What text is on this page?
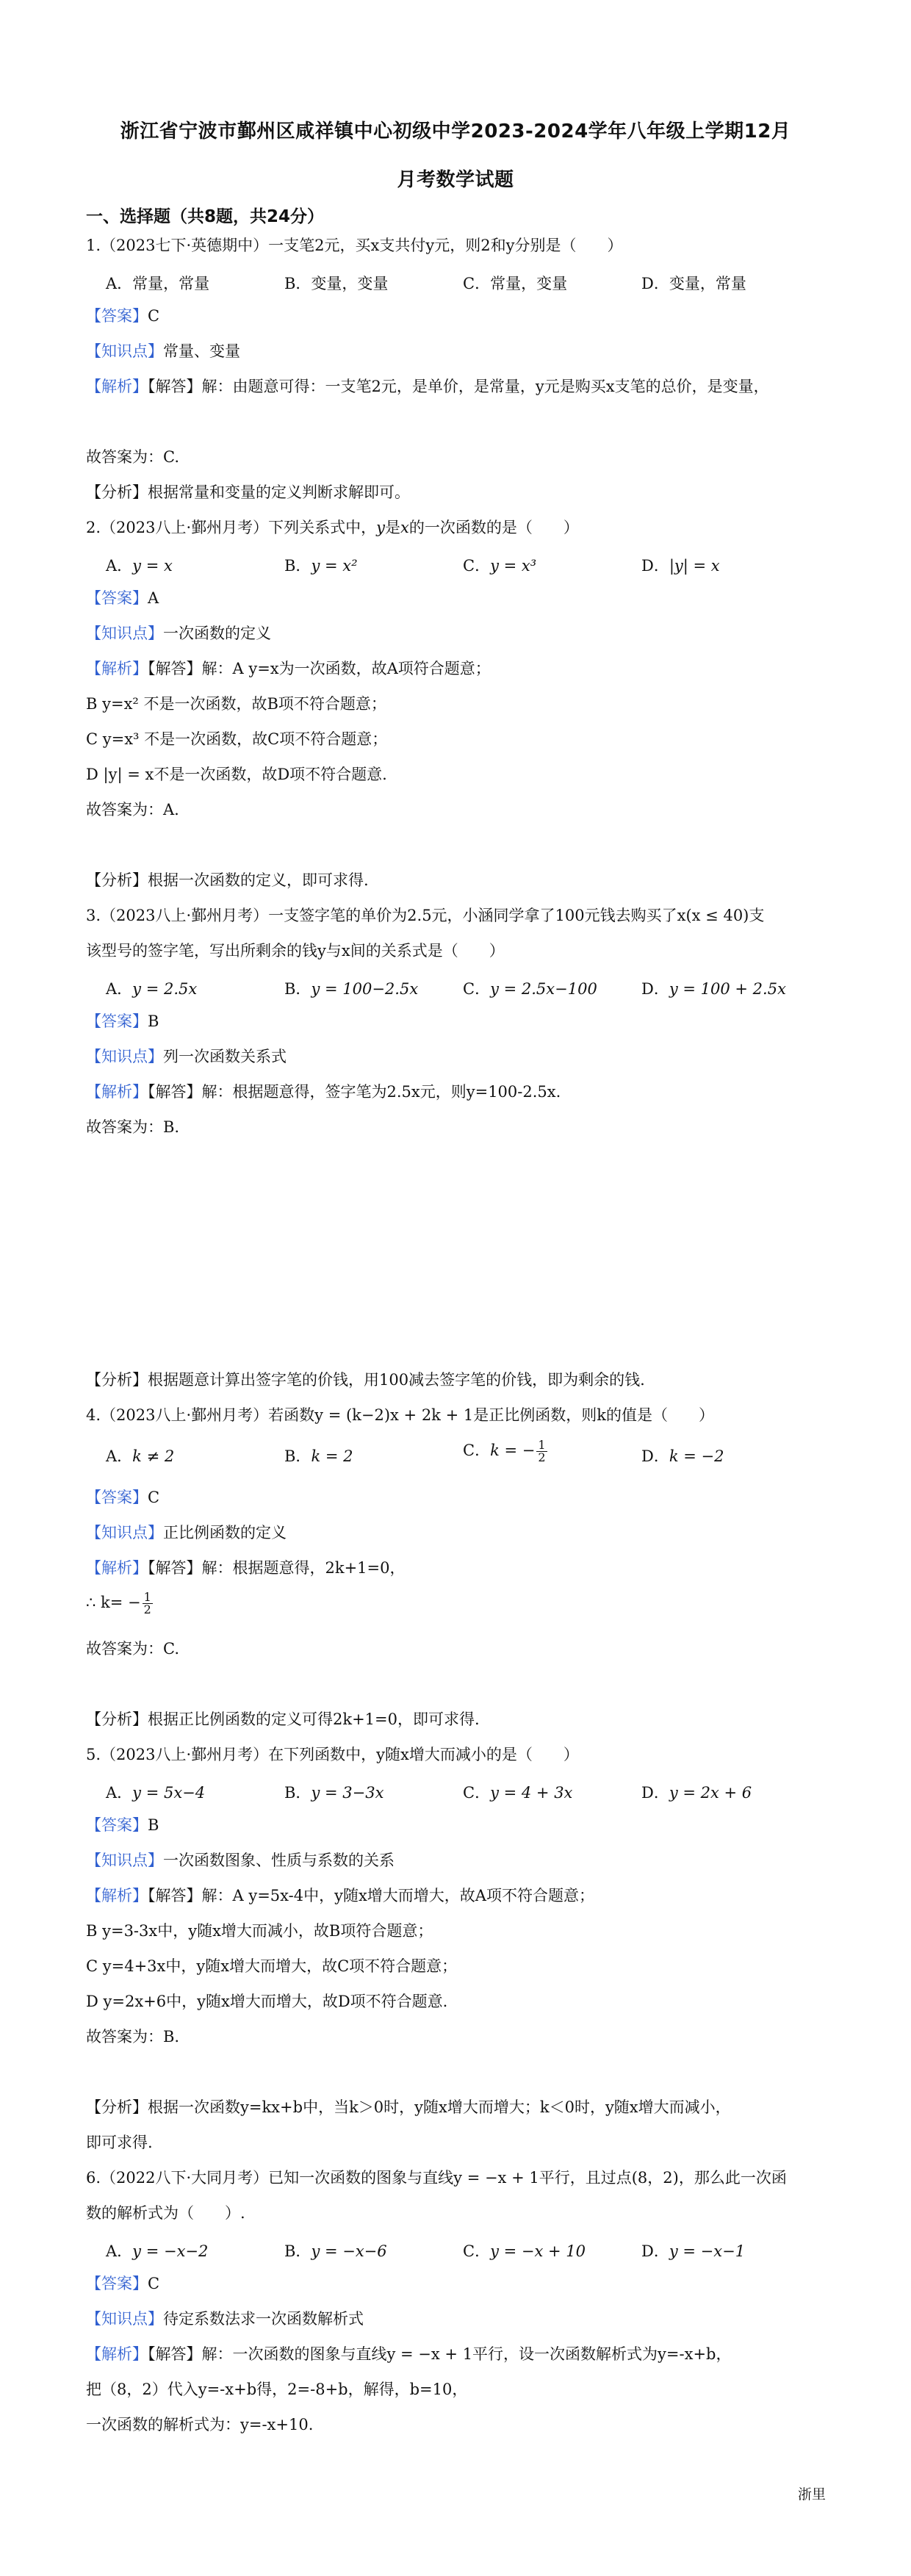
浙江省宁波市鄞州区咸祥镇中心初级中学2023-2024学年八年级上学期12月
月考数学试题
一、选择题（共8题，共24分）
1.（2023七下·英德期中）一支笔2元，买x支共付y元，则2和y分别是（　　）
A．常量，常量	B．变量，变量	C．常量，变量	D．变量，常量
【答案】C
【知识点】常量、变量
【解析】【解答】解：由题意可得：一支笔2元，是单价，是常量，y元是购买x支笔的总价，是变量，
故答案为：C.
【分析】根据常量和变量的定义判断求解即可。
2.（2023八上·鄞州月考）下列关系式中，y是x的一次函数的是（　　）
A．y = x	B．y = x²	C．y = x³	D．|y| = x
【答案】A
【知识点】一次函数的定义
【解析】【解答】解：A y=x为一次函数，故A项符合题意；
B y=x² 不是一次函数，故B项不符合题意；
C y=x³ 不是一次函数，故C项不符合题意；
D |y| = x不是一次函数，故D项不符合题意.
故答案为：A.
【分析】根据一次函数的定义，即可求得.
3.（2023八上·鄞州月考）一支签字笔的单价为2.5元，小涵同学拿了100元钱去购买了x(x ≤ 40)支
该型号的签字笔，写出所剩余的钱y与x间的关系式是（　　）
A．y = 2.5x	B．y = 100−2.5x	C．y = 2.5x−100	D．y = 100 + 2.5x
【答案】B
【知识点】列一次函数关系式
【解析】【解答】解：根据题意得，签字笔为2.5x元，则y=100-2.5x.
故答案为：B.
【分析】根据题意计算出签字笔的价钱，用100减去签字笔的价钱，即为剩余的钱.
4.（2023八上·鄞州月考）若函数y = (k−2)x + 2k + 1是正比例函数，则k的值是（　　）
A．k ≠ 2	B．k = 2	C．k = − $\frac{1}{2}$	D．k = −2
【答案】C
【知识点】正比例函数的定义
【解析】【解答】解：根据题意得，2k+1=0，
∴ $k= - \frac{1}{2}$
故答案为：C.
【分析】根据正比例函数的定义可得2k+1=0，即可求得.
5.（2023八上·鄞州月考）在下列函数中，y随x增大而减小的是（　　）
A．y = 5x−4	B．y = 3−3x	C．y = 4 + 3x	D．y = 2x + 6
【答案】B
【知识点】一次函数图象、性质与系数的关系
【解析】【解答】解：A y=5x-4中，y随x增大而增大，故A项不符合题意；
B y=3-3x中，y随x增大而减小，故B项符合题意；
C y=4+3x中，y随x增大而增大，故C项不符合题意；
D y=2x+6中，y随x增大而增大，故D项不符合题意.
故答案为：B.
【分析】根据一次函数y=kx+b中，当k＞0时，y随x增大而增大；k＜0时，y随x增大而减小，
即可求得.
6.（2022八下·大同月考）已知一次函数的图象与直线y = −x + 1平行，且过点(8，2)，那么此一次函
数的解析式为（　　）.
A．y = −x−2	B．y = −x−6	C．y = −x + 10	D．y = −x−1
【答案】C
【知识点】待定系数法求一次函数解析式
【解析】【解答】解：一次函数的图象与直线y = −x + 1平行，设一次函数解析式为y=-x+b，
把（8，2）代入y=-x+b得，2=-8+b，解得，b=10，
一次函数的解析式为：y=-x+10.
浙里
